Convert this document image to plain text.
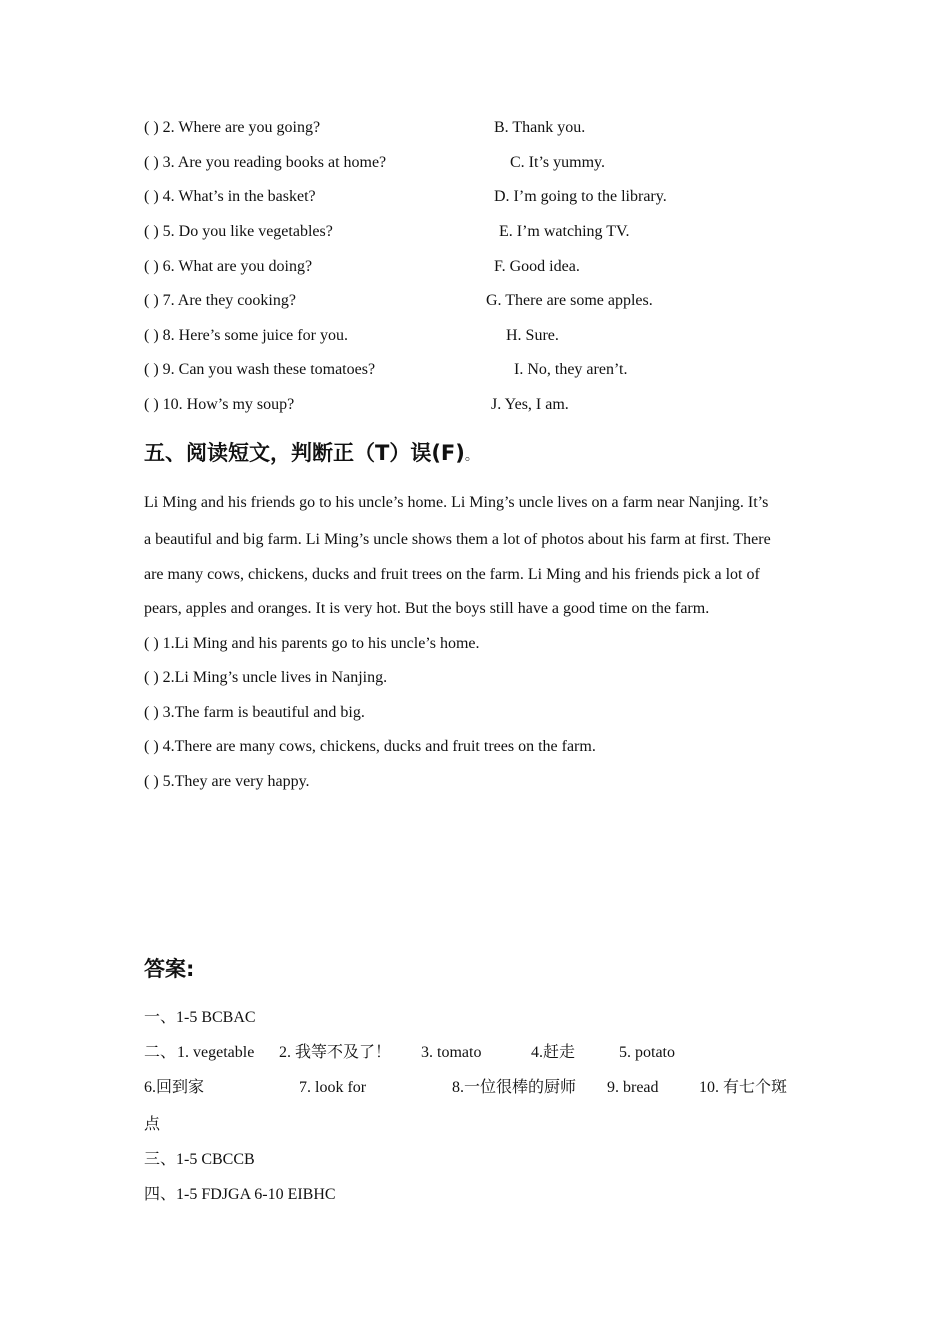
( ) 2. Where are you going?	B. Thank you.
( ) 3. Are you reading books at home?	C. It’s yummy.
( ) 4. What’s in the basket?	D. I’m going to the library.
( ) 5. Do you like vegetables?	E. I’m watching TV.
( ) 6. What are you doing?	F. Good idea.
( ) 7. Are they cooking?	G. There are some apples.
( ) 8. Here’s some juice for you.	H. Sure.
( ) 9. Can you wash these tomatoes?	I. No, they aren’t.
( ) 10. How’s my soup?	J. Yes, I am.
五、阅读短文，判断正（T）误(F)。
Li Ming and his friends go to his uncle’s home. Li Ming’s uncle lives on a farm near Nanjing. It’s
a beautiful and big farm. Li Ming’s uncle shows them a lot of photos about his farm at first. There
are many cows, chickens, ducks and fruit trees on the farm. Li Ming and his friends pick a lot of
pears, apples and oranges. It is very hot. But the boys still have a good time on the farm.
( ) 1.Li Ming and his parents go to his uncle’s home.
( ) 2.Li Ming’s uncle lives in Nanjing.
( ) 3.The farm is beautiful and big.
( ) 4.There are many cows, chickens, ducks and fruit trees on the farm.
( ) 5.They are very happy.
答案:
一、1-5 BCBAC
二、 1. vegetable 2. 我等不及了！ 3. tomato	4.赶走	5. potato
6.回到家	7. look for	8.一位很棒的厨师 9. bread	10. 有七个斑
点
三、1-5 CBCCB
四、1-5 FDJGA 6-10 EIBHC
